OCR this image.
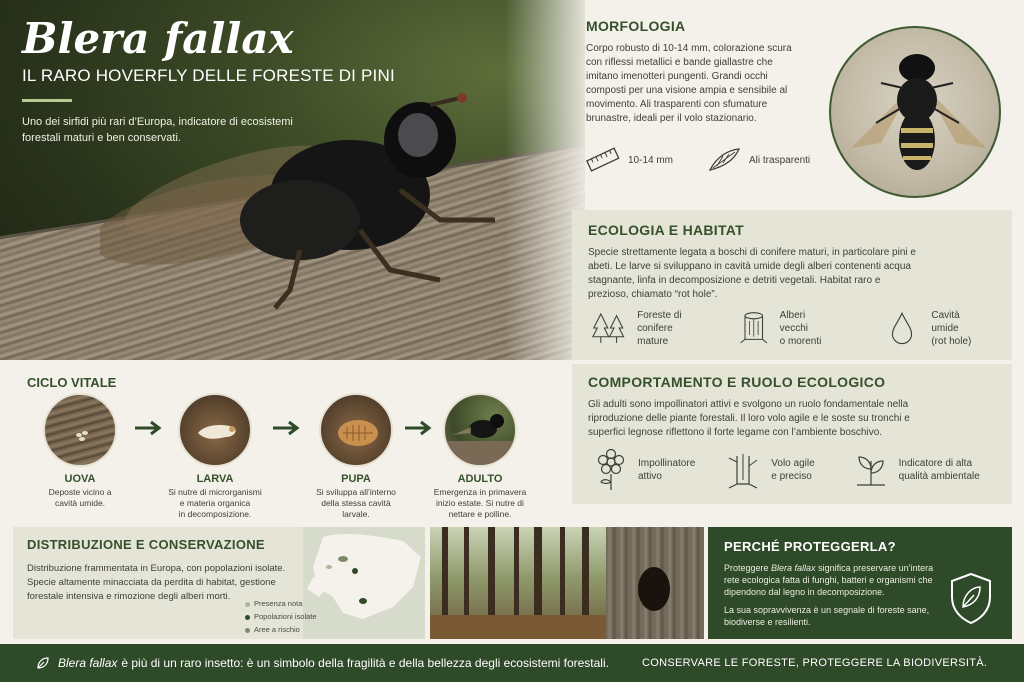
Blera fallax
IL RARO HOVERFLY DELLE FORESTE DI PINI
Uno dei sirfidi più rari d’Europa, indicatore di ecosistemi forestali maturi e ben conservati.
MORFOLOGIA
Corpo robusto di 10-14 mm, colorazione scura con riflessi metallici e bande giallastre che imitano imenotteri pungenti. Grandi occhi composti per una visione ampia e sensibile al movimento. Ali trasparenti con sfumature brunastre, ideali per il volo stazionario.
10-14 mm	Ali trasparenti
ECOLOGIA E HABITAT
Specie strettamente legata a boschi di conifere maturi, in particolare pini e abeti. Le larve si sviluppano in cavità umide degli alberi contenenti acqua stagnante, linfa in decomposizione e detriti vegetali. Habitat raro e prezioso, chiamato “rot hole”.
Foreste di
conifere mature
Alberi vecchi
o morenti
Cavità umide
(rot hole)
COMPORTAMENTO E RUOLO ECOLOGICO
Gli adulti sono impollinatori attivi e svolgono un ruolo fondamentale nella riproduzione delle piante forestali. Il loro volo agile e le soste su tronchi e superfici legnose riflettono il forte legame con l’ambiente boschivo.
Impollinatore
attivo
Volo agile
e preciso
Indicatore di alta
qualità ambientale
CICLO VITALE
UOVA
Deposte vicino a
cavità umide.
LARVA
Si nutre di microrganismi
e materia organica
in decomposizione.
PUPA
Si sviluppa all’interno
della stessa cavità
larvale.
ADULTO
Emergenza in primavera
inizio estate. Si nutre di
nettare e polline.
DISTRIBUZIONE E CONSERVAZIONE
Distribuzione frammentata in Europa, con popolazioni isolate.
Specie altamente minacciata da perdita di habitat, gestione forestale intensiva e rimozione degli alberi morti.
Presenza nota
Popolazioni isolate
Aree a rischio
PERCHÉ PROTEGGERLA?
Proteggere Blera fallax significa preservare un’intera rete ecologica fatta di funghi, batteri e organismi che dipendono dal legno in decomposizione.
La sua sopravvivenza è un segnale di foreste sane, biodiverse e resilienti.
Blera fallax è più di un raro insetto: è un simbolo della fragilità e della bellezza degli ecosistemi forestali.	CONSERVARE LE FORESTE, PROTEGGERE LA BIODIVERSITÀ.
